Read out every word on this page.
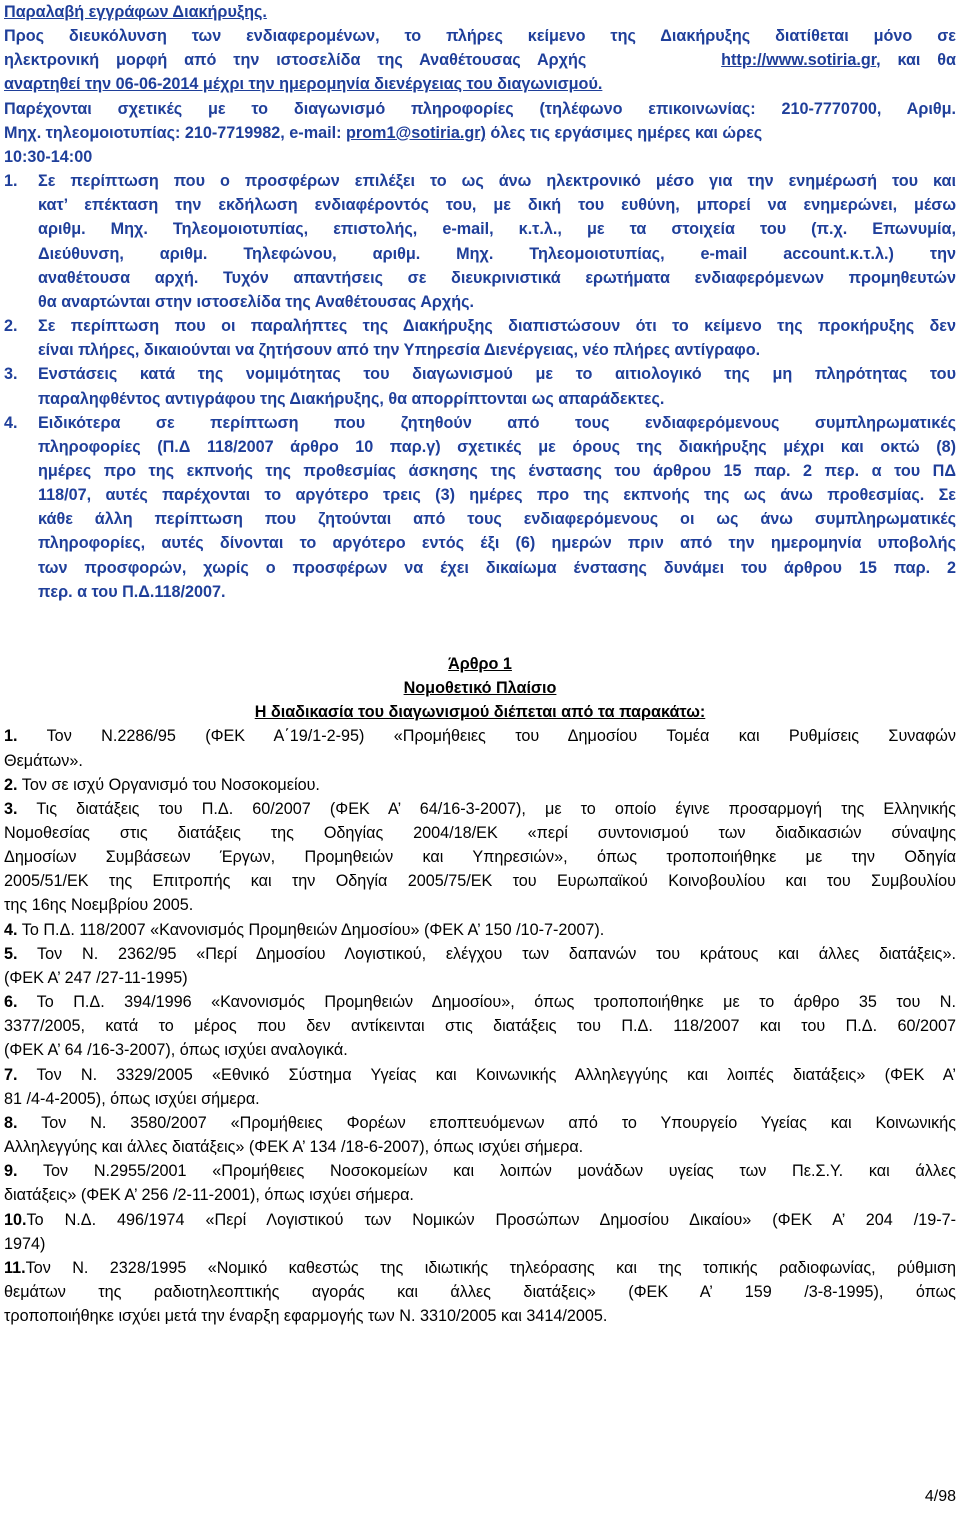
Παραλαβή εγγράφων Διακήρυξης.
Προς διευκόλυνση των ενδιαφερομένων, το πλήρες κείμενο της Διακήρυξης διατίθεται μόνο σε
ηλεκτρονική μορφή από την ιστοσελίδα της Αναθέτουσας Αρχής	http://www.sotiria.gr, και θα
αναρτηθεί την 06-06-2014 μέχρι την ημερομηνία διενέργειας του διαγωνισμού.
Παρέχονται σχετικές με το διαγωνισμό πληροφορίες (τηλέφωνο επικοινωνίας: 210-7770700, Αριθμ.
Μηχ. τηλεομοιοτυπίας: 210-7719982, e-mail: prom1@sotiria.gr) όλες τις εργάσιμες ημέρες και ώρες
10:30-14:00
1. Σε περίπτωση που ο προσφέρων επιλέξει το ως άνω ηλεκτρονικό μέσο για την ενημέρωσή του και
κατ’ επέκταση την εκδήλωση ενδιαφέροντός του, με δική του ευθύνη, μπορεί να ενημερώνει, μέσω
αριθμ. Μηχ. Τηλεομοιοτυπίας, επιστολής, e-mail, κ.τ.λ., με τα στοιχεία του (π.χ. Επωνυμία,
Διεύθυνση, αριθμ. Τηλεφώνου, αριθμ. Μηχ. Τηλεομοιοτυπίας, e-mail account.κ.τ.λ.) την
αναθέτουσα αρχή. Τυχόν απαντήσεις σε διευκρινιστικά ερωτήματα ενδιαφερόμενων προμηθευτών
θα αναρτώνται στην ιστοσελίδα της Αναθέτουσας Αρχής.
2. Σε περίπτωση που οι παραλήπτες της Διακήρυξης διαπιστώσουν ότι το κείμενο της προκήρυξης δεν
είναι πλήρες, δικαιούνται να ζητήσουν από την Υπηρεσία Διενέργειας, νέο πλήρες αντίγραφο.
3. Ενστάσεις κατά της νομιμότητας του διαγωνισμού με το αιτιολογικό της μη πληρότητας του
παραληφθέντος αντιγράφου της Διακήρυξης, θα απορρίπτονται ως απαράδεκτες.
4. Ειδικότερα σε περίπτωση που ζητηθούν από τους ενδιαφερόμενους συμπληρωματικές
πληροφορίες (Π.Δ 118/2007 άρθρο 10 παρ.γ) σχετικές με όρους της διακήρυξης μέχρι και οκτώ (8)
ημέρες προ της εκπνοής της προθεσμίας άσκησης της ένστασης του άρθρου 15 παρ. 2 περ. α του ΠΔ
118/07, αυτές παρέχονται το αργότερο τρεις (3) ημέρες προ της εκπνοής της ως άνω προθεσμίας. Σε
κάθε άλλη περίπτωση που ζητούνται από τους ενδιαφερόμενους οι ως άνω συμπληρωματικές
πληροφορίες, αυτές δίνονται το αργότερο εντός έξι (6) ημερών πριν από την ημερομηνία υποβολής
των προσφορών, χωρίς ο προσφέρων να έχει δικαίωμα ένστασης δυνάμει του άρθρου 15 παρ. 2
περ. α του Π.Δ.118/2007.
Άρθρο 1
Νομοθετικό Πλαίσιο
Η διαδικασία του διαγωνισμού διέπεται από τα παρακάτω:
1. Τον Ν.2286/95 (ΦΕΚ Α΄19/1-2-95) «Προμήθειες του Δημοσίου Τομέα και Ρυθμίσεις Συναφών
Θεμάτων».
2. Τον σε ισχύ Οργανισμό του Νοσοκομείου.
3. Τις διατάξεις του Π.Δ. 60/2007 (ΦΕΚ Α’ 64/16-3-2007), με το οποίο έγινε προσαρμογή της Ελληνικής
Νομοθεσίας στις διατάξεις της Οδηγίας 2004/18/ΕΚ «περί συντονισμού των διαδικασιών σύναψης
Δημοσίων Συμβάσεων Έργων, Προμηθειών και Υπηρεσιών», όπως τροποποιήθηκε με την Οδηγία
2005/51/ΕΚ της Επιτροπής και την Οδηγία 2005/75/ΕΚ του Ευρωπαϊκού Κοινοβουλίου και του Συμβουλίου
της 16ης Νοεμβρίου 2005.
4. Το Π.Δ. 118/2007 «Κανονισμός Προμηθειών Δημοσίου» (ΦΕΚ Α’ 150 /10-7-2007).
5. Τον Ν. 2362/95 «Περί Δημοσίου Λογιστικού, ελέγχου των δαπανών του κράτους και άλλες διατάξεις».
(ΦΕΚ Α’ 247 /27-11-1995)
6. Το Π.Δ. 394/1996 «Κανονισμός Προμηθειών Δημοσίου», όπως τροποποιήθηκε με το άρθρο 35 του Ν.
3377/2005, κατά το μέρος που δεν αντίκεινται στις διατάξεις του Π.Δ. 118/2007 και του Π.Δ. 60/2007
(ΦΕΚ Α’ 64 /16-3-2007), όπως ισχύει αναλογικά.
7. Τον Ν. 3329/2005 «Εθνικό Σύστημα Υγείας και Κοινωνικής Αλληλεγγύης και λοιπές διατάξεις» (ΦΕΚ Α’
81 /4-4-2005), όπως ισχύει σήμερα.
8. Τον Ν. 3580/2007 «Προμήθειες Φορέων εποπτευόμενων από το Υπουργείο Υγείας και Κοινωνικής
Αλληλεγγύης και άλλες διατάξεις» (ΦΕΚ Α’ 134 /18-6-2007), όπως ισχύει σήμερα.
9. Τον Ν.2955/2001 «Προμήθειες Νοσοκομείων και λοιπών μονάδων υγείας των Πε.Σ.Υ. και άλλες
διατάξεις» (ΦΕΚ Α’ 256 /2-11-2001), όπως ισχύει σήμερα.
10.Το Ν.Δ. 496/1974 «Περί Λογιστικού των Νομικών Προσώπων Δημοσίου Δικαίου» (ΦΕΚ Α’ 204 /19-7-
1974)
11.Τον Ν. 2328/1995 «Νομικό καθεστώς της ιδιωτικής τηλεόρασης και της τοπικής ραδιοφωνίας, ρύθμιση
θεμάτων της ραδιοτηλεοπτικής αγοράς και άλλες διατάξεις» (ΦΕΚ Α’ 159 /3-8-1995), όπως
τροποποιήθηκε ισχύει μετά την έναρξη εφαρμογής των Ν. 3310/2005 και 3414/2005.
4/98
